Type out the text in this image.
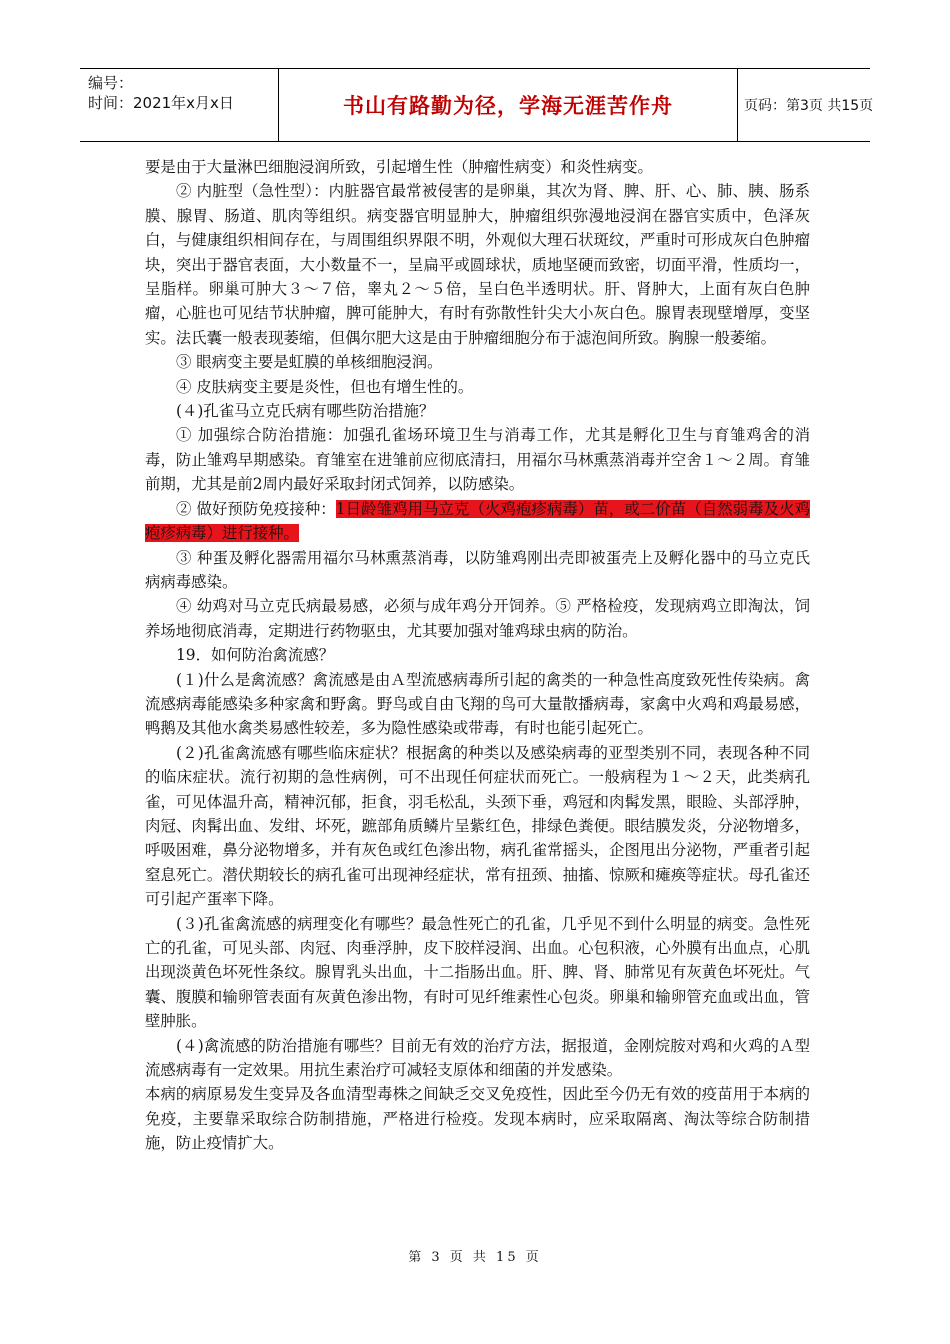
编号：
时间：2021年x月x日	书山有路勤为径，学海无涯苦作舟	页码：第3页 共15页

要是由于大量淋巴细胞浸润所致，引起增生性（肿瘤性病变）和炎性病变。

② 内脏型（急性型）：内脏器官最常被侵害的是卵巢，其次为肾、脾、肝、心、肺、胰、肠系膜、腺胃、肠道、肌肉等组织。病变器官明显肿大，肿瘤组织弥漫地浸润在器官实质中，色泽灰白，与健康组织相间存在，与周围组织界限不明，外观似大理石状斑纹，严重时可形成灰白色肿瘤块，突出于器官表面，大小数量不一，呈扁平或圆球状，质地坚硬而致密，切面平滑，性质均一，呈脂样。卵巢可肿大３～７倍，睾丸２～５倍，呈白色半透明状。肝、肾肿大，上面有灰白色肿瘤，心脏也可见结节状肿瘤，脾可能肿大，有时有弥散性针尖大小灰白色。腺胃表现壁增厚，变坚实。法氏囊一般表现萎缩，但偶尔肥大这是由于肿瘤细胞分布于滤泡间所致。胸腺一般萎缩。

③ 眼病变主要是虹膜的单核细胞浸润。

④ 皮肤病变主要是炎性，但也有增生性的。

(４)孔雀马立克氏病有哪些防治措施？

① 加强综合防治措施：加强孔雀场环境卫生与消毒工作，尤其是孵化卫生与育雏鸡舍的消毒，防止雏鸡早期感染。育雏室在进雏前应彻底清扫，用福尔马林熏蒸消毒并空舍１～２周。育雏前期，尤其是前2周内最好采取封闭式饲养，以防感染。

② 做好预防免疫接种：1日龄雏鸡用马立克（火鸡疱疹病毒）苗，或二价苗（自然弱毒及火鸡疱疹病毒）进行接种。

③ 种蛋及孵化器需用福尔马林熏蒸消毒，以防雏鸡刚出壳即被蛋壳上及孵化器中的马立克氏病病毒感染。

④ 幼鸡对马立克氏病最易感，必须与成年鸡分开饲养。⑤ 严格检疫，发现病鸡立即淘汰，饲养场地彻底消毒，定期进行药物驱虫，尤其要加强对雏鸡球虫病的防治。

19．如何防治禽流感？

(１)什么是禽流感？禽流感是由Ａ型流感病毒所引起的禽类的一种急性高度致死性传染病。禽流感病毒能感染多种家禽和野禽。野鸟或自由飞翔的鸟可大量散播病毒，家禽中火鸡和鸡最易感，鸭鹅及其他水禽类易感性较差，多为隐性感染或带毒，有时也能引起死亡。

(２)孔雀禽流感有哪些临床症状？根据禽的种类以及感染病毒的亚型类别不同，表现各种不同的临床症状。流行初期的急性病例，可不出现任何症状而死亡。一般病程为１～２天，此类病孔雀，可见体温升高，精神沉郁，拒食，羽毛松乱，头颈下垂，鸡冠和肉髯发黑，眼睑、头部浮肿，肉冠、肉髯出血、发绀、坏死，蹠部角质鳞片呈紫红色，排绿色粪便。眼结膜发炎，分泌物增多，呼吸困难，鼻分泌物增多，并有灰色或红色渗出物，病孔雀常摇头，企图甩出分泌物，严重者引起窒息死亡。潜伏期较长的病孔雀可出现神经症状，常有扭颈、抽搐、惊厥和瘫痪等症状。母孔雀还可引起产蛋率下降。

(３)孔雀禽流感的病理变化有哪些？最急性死亡的孔雀，几乎见不到什么明显的病变。急性死亡的孔雀，可见头部、肉冠、肉垂浮肿，皮下胶样浸润、出血。心包积液，心外膜有出血点，心肌出现淡黄色坏死性条纹。腺胃乳头出血，十二指肠出血。肝、脾、肾、肺常见有灰黄色坏死灶。气囊、腹膜和输卵管表面有灰黄色渗出物，有时可见纤维素性心包炎。卵巢和输卵管充血或出血，管壁肿胀。

(４)禽流感的防治措施有哪些？目前无有效的治疗方法，据报道，金刚烷胺对鸡和火鸡的Ａ型流感病毒有一定效果。用抗生素治疗可减轻支原体和细菌的并发感染。

本病的病原易发生变异及各血清型毒株之间缺乏交叉免疫性，因此至今仍无有效的疫苗用于本病的免疫，主要靠采取综合防制措施，严格进行检疫。发现本病时，应采取隔离、淘汰等综合防制措施，防止疫情扩大。

第 3 页 共 15 页
